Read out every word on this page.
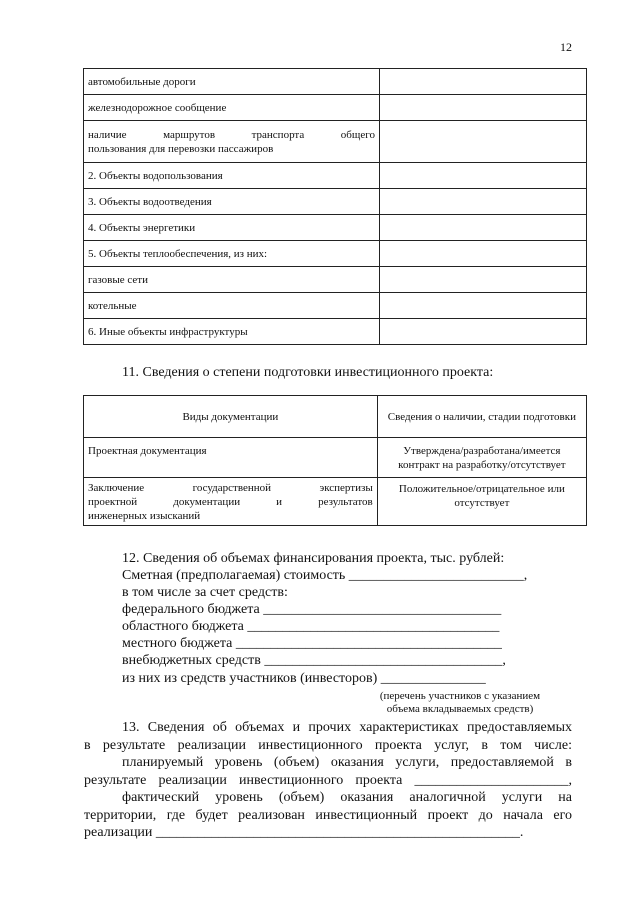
12
автомобильные дороги	
железнодорожное сообщение	

наличие маршрутов транспорта общего
пользования для перевозки пассажиров	

2. Объекты водопользования	
3. Объекты водоотведения	
4. Объекты энергетики	
5. Объекты теплообеспечения, из них:	
газовые сети	
котельные	
6. Иные объекты инфраструктуры	
11. Сведения о степени подготовки инвестиционного проекта:
Виды документации	Сведения о наличии, стадии подготовки
Проектная документация	Утверждена/разработана/имеется контракт на разработку/отсутствует

Заключение государственной экспертизы
проектной документации и результатов
инженерных изысканий	Положительное/отрицательное или отсутствует
12. Сведения об объемах финансирования проекта, тыс. рублей:
Сметная (предполагаемая) стоимость _________________________,
в том числе за счет средств:
федерального бюджета __________________________________
областного бюджета ____________________________________
местного бюджета ______________________________________
внебюджетных средств __________________________________,
из них из средств участников (инвесторов) _______________
(перечень участников с указанием объема вкладываемых средств)
13. Сведения об объемах и прочих характеристиках предоставляемых
в результате реализации инвестиционного проекта услуг, в том числе:
планируемый уровень (объем) оказания услуги, предоставляемой в
результате реализации инвестиционного проекта ______________________,
фактический уровень (объем) оказания аналогичной услуги на
территории, где будет реализован инвестиционный проект до начала его
реализации ____________________________________________________.
